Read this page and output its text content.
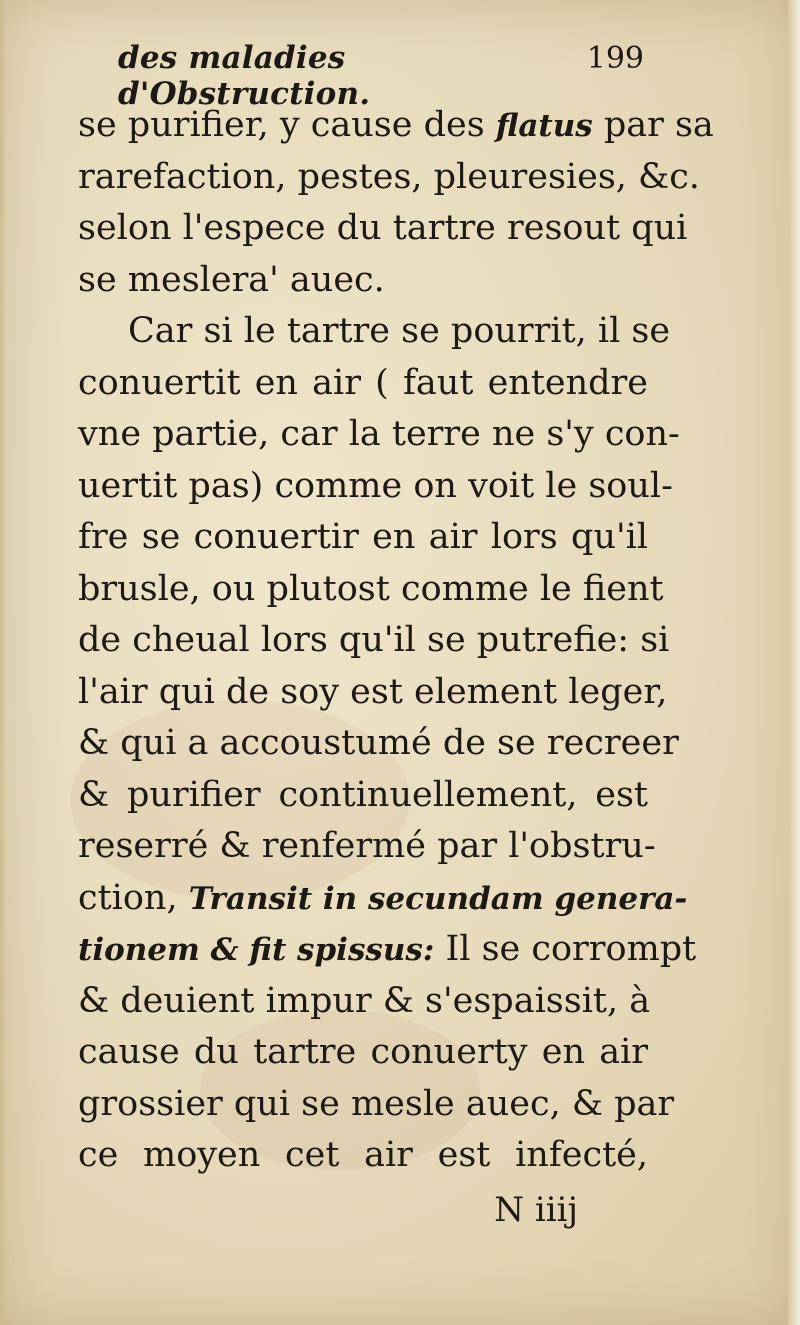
des maladies d'Obstruction.
199
se purifier, y cause des flatus par sa
rarefaction, pestes, pleuresies, &c.
selon l'espece du tartre resout qui
se meslera' auec.
Car si le tartre se pourrit, il se
conuertit en air ( faut entendre
vne partie, car la terre ne s'y con-
uertit pas) comme on voit le soul-
fre se conuertir en air lors qu'il
brusle, ou plutost comme le fient
de cheual lors qu'il se putrefie: si
l'air qui de soy est element leger,
& qui a accoustumé de se recreer
& purifier continuellement, est
reserré & renfermé par l'obstru-
ction, Transit in secundam genera-
tionem & fit spissus: Il se corrompt
& deuient impur & s'espaissit, à
cause du tartre conuerty en air
grossier qui se mesle auec, & par
ce moyen cet air est infecté,
N iiij
